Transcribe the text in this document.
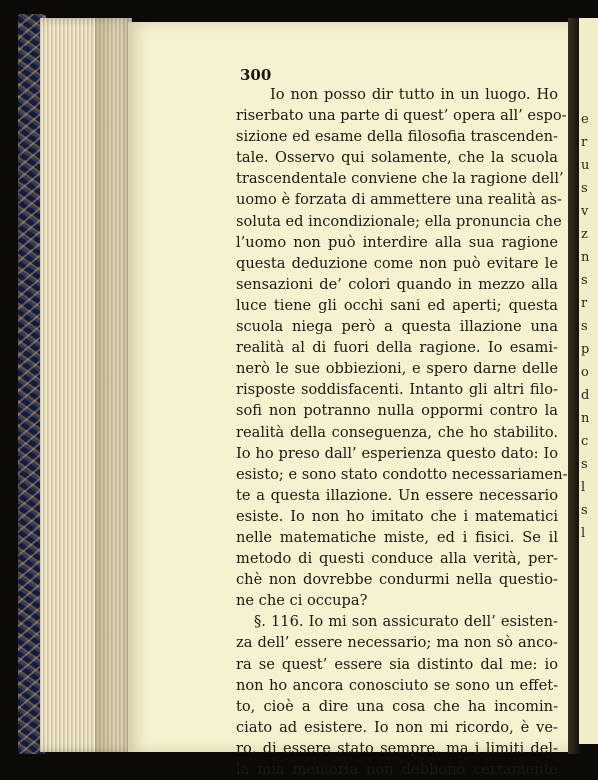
e
r
u
s
v
z
n
s
r
s
p
o
d
n
c
s
l
s
l
300
Io non posso dir tutto in un luogo. Ho
riserbato una parte di quest’ opera all’ espo-
sizione ed esame della filosofia trascenden-
tale. Osservo qui solamente, che la scuola
trascendentale conviene che la ragione dell’
uomo è forzata di ammettere una realità as-
soluta ed incondizionale; ella pronuncia che
l’uomo non può interdire alla sua ragione
questa deduzione come non può evitare le
sensazioni de’ colori quando in mezzo alla
luce tiene gli occhi sani ed aperti; questa
scuola niega però a questa illazione una
realità al di fuori della ragione. Io esami-
nerò le sue obbiezioni, e spero darne delle
risposte soddisfacenti. Intanto gli altri filo-
sofi non potranno nulla oppormi contro la
realità della conseguenza, che ho stabilito.
Io ho preso dall’ esperienza questo dato: Io
esisto; e sono stato condotto necessariamen-
te a questa illazione. Un essere necessario
esiste. Io non ho imitato che i matematici
nelle matematiche miste, ed i fisici. Se il
metodo di questi conduce alla verità, per-
chè non dovrebbe condurmi nella questio-
ne che ci occupa?
§. 116. Io mi son assicurato dell’ esisten-
za dell’ essere necessario; ma non sò anco-
ra se quest’ essere sia distinto dal me: io
non ho ancora conosciuto se sono un effet-
to, cioè a dire una cosa che ha incomin-
ciato ad esistere. Io non mi ricordo, è ve-
ro, di essere stato sempre, ma i limiti del-
la mia memoria non debbono certamente
